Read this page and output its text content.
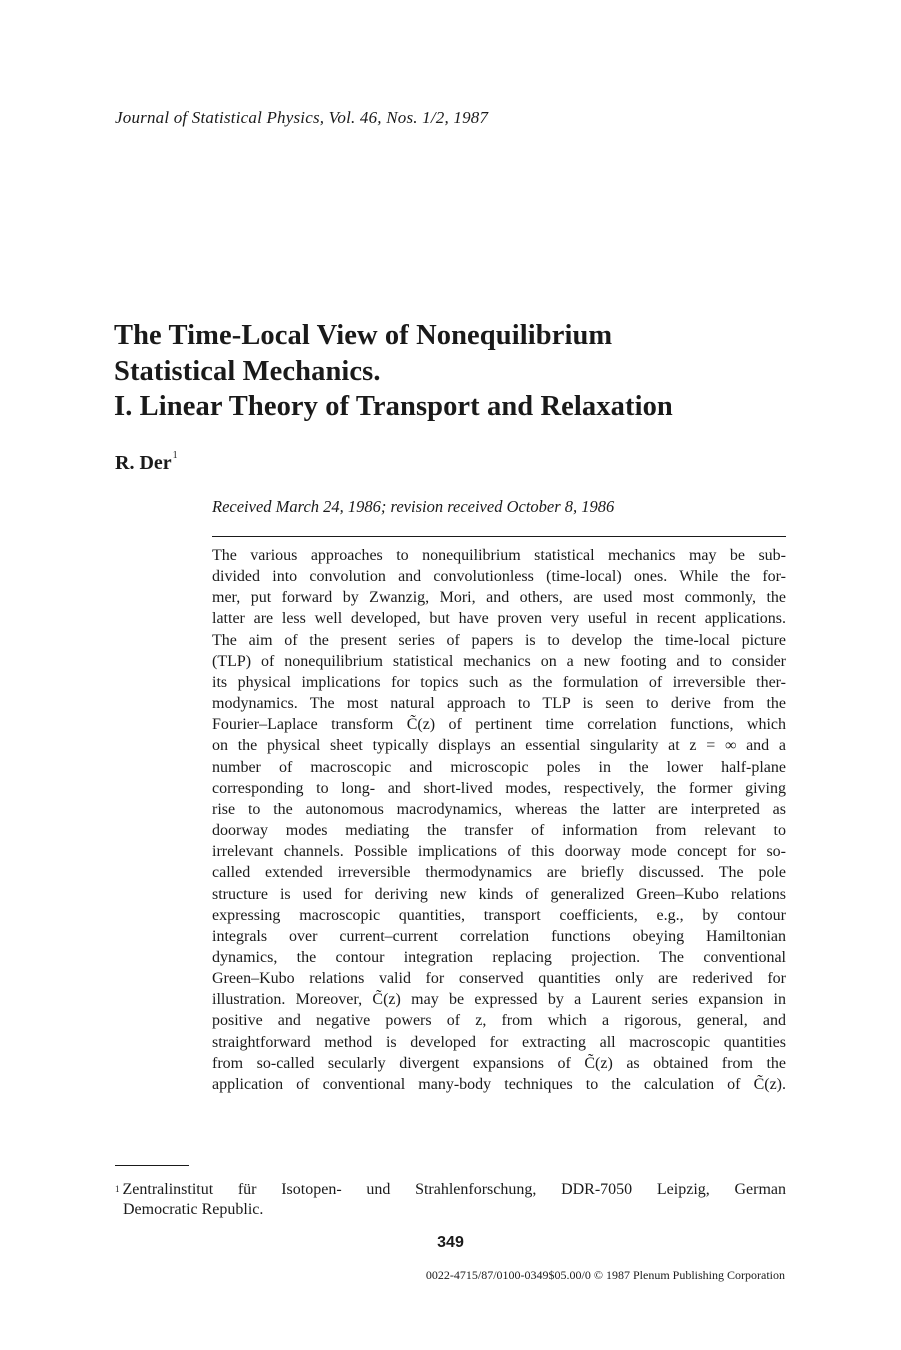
Journal of Statistical Physics, Vol. 46, Nos. 1/2, 1987
The Time-Local View of Nonequilibrium
Statistical Mechanics.
I. Linear Theory of Transport and Relaxation
R. Der$^1$
Received March 24, 1986; revision received October 8, 1986
The various approaches to nonequilibrium statistical mechanics may be sub-
divided into convolution and convolutionless (time-local) ones. While the for-
mer, put forward by Zwanzig, Mori, and others, are used most commonly, the
latter are less well developed, but have proven very useful in recent applications.
The aim of the present series of papers is to develop the time-local picture
(TLP) of nonequilibrium statistical mechanics on a new footing and to consider
its physical implications for topics such as the formulation of irreversible ther-
modynamics. The most natural approach to TLP is seen to derive from the
Fourier–Laplace transform C̃(z) of pertinent time correlation functions, which
on the physical sheet typically displays an essential singularity at z = ∞ and a
number of macroscopic and microscopic poles in the lower half-plane
corresponding to long- and short-lived modes, respectively, the former giving
rise to the autonomous macrodynamics, whereas the latter are interpreted as
doorway modes mediating the transfer of information from relevant to
irrelevant channels. Possible implications of this doorway mode concept for so-
called extended irreversible thermodynamics are briefly discussed. The pole
structure is used for deriving new kinds of generalized Green–Kubo relations
expressing macroscopic quantities, transport coefficients, e.g., by contour
integrals over current–current correlation functions obeying Hamiltonian
dynamics, the contour integration replacing projection. The conventional
Green–Kubo relations valid for conserved quantities only are rederived for
illustration. Moreover, C̃(z) may be expressed by a Laurent series expansion in
positive and negative powers of z, from which a rigorous, general, and
straightforward method is developed for extracting all macroscopic quantities
from so-called secularly divergent expansions of C̃(z) as obtained from the
application of conventional many-body techniques to the calculation of C̃(z).
$^1$ Zentralinstitut für Isotopen- und Strahlenforschung, DDR-7050 Leipzig, German
Democratic Republic.
349
0022-4715/87/0100-0349$05.00/0 © 1987 Plenum Publishing Corporation
